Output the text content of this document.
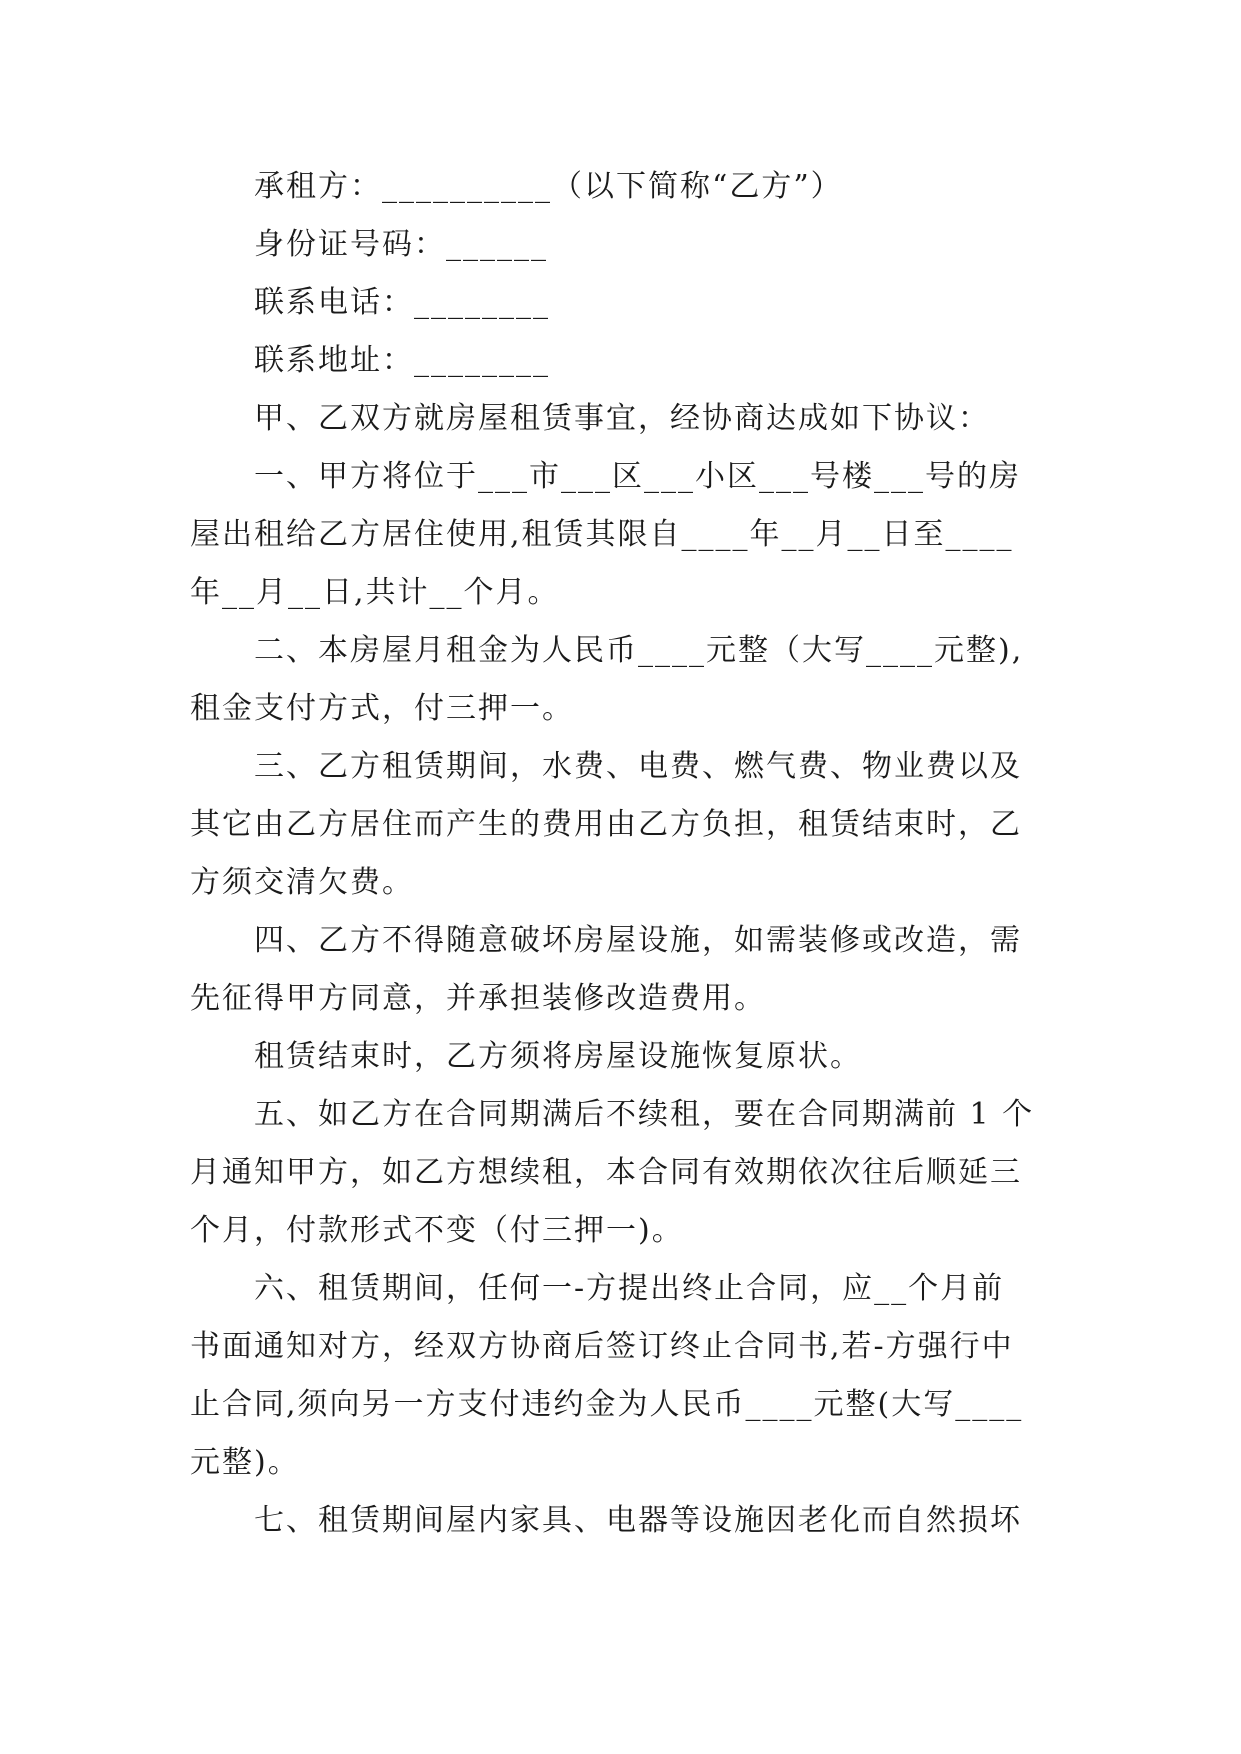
承租方：__________（以下简称“乙方”）
身份证号码：______
联系电话：________
联系地址：________
甲、乙双方就房屋租赁事宜，经协商达成如下协议：
一、甲方将位于___市___区___小区___号楼___号的房
屋出租给乙方居住使用,租赁其限自____年__月__日至____
年__月__日,共计__个月。
二、本房屋月租金为人民币____元整（大写____元整),
租金支付方式，付三押一。
三、乙方租赁期间，水费、电费、燃气费、物业费以及
其它由乙方居住而产生的费用由乙方负担，租赁结束时，乙
方须交清欠费。
四、乙方不得随意破坏房屋设施，如需装修或改造，需
先征得甲方同意，并承担装修改造费用。
租赁结束时，乙方须将房屋设施恢复原状。
五、如乙方在合同期满后不续租，要在合同期满前 1 个
月通知甲方，如乙方想续租，本合同有效期依次往后顺延三
个月，付款形式不变（付三押一)。
六、租赁期间，任何一-方提出终止合同，应__个月前
书面通知对方，经双方协商后签订终止合同书,若-方强行中
止合同,须向另一方支付违约金为人民币____元整(大写____
元整)。
七、租赁期间屋内家具、电器等设施因老化而自然损坏
